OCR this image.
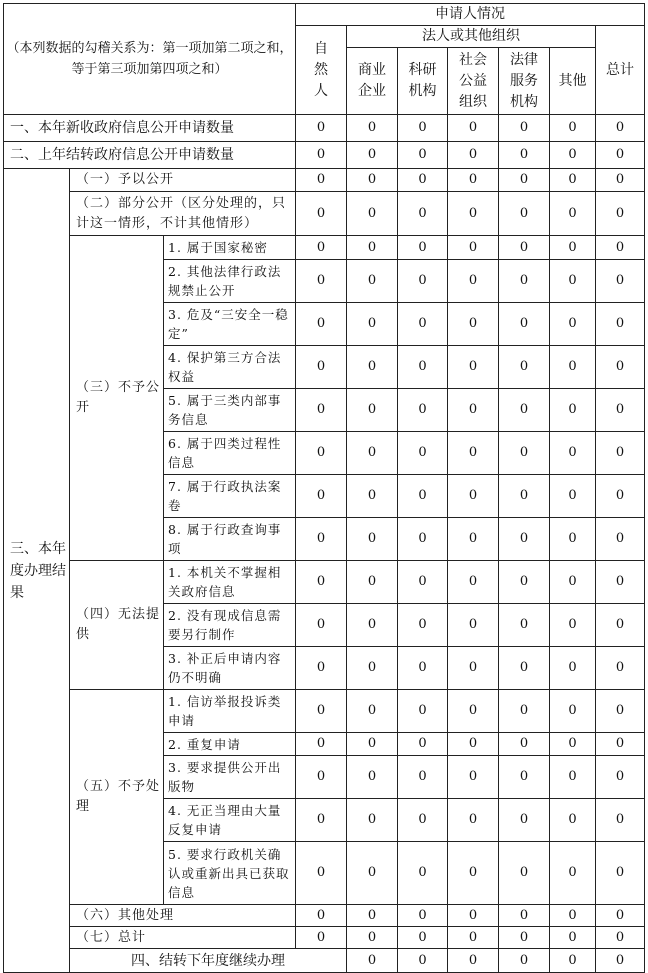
（本列数据的勾稽关系为：第一项加第二项之和，等于第三项加第四项之和）			申请人情况							
			自然人	法人或其他组织					总计	
				商业企业	科研机构	社会公益组织	法律服务机构	其他		
一、本年新收政府信息公开申请数量			0	0	0	0	0	0	0	
二、上年结转政府信息公开申请数量			0	0	0	0	0	0	0	
三、本年度办理结果	（一）予以公开		0	0	0	0	0	0	0	
	（二）部分公开（区分处理的，只计这一情形，不计其他情形）		0	0	0	0	0	0	0	
	（三）不予公开	1. 属于国家秘密	0	0	0	0	0	0	0	
		2. 其他法律行政法规禁止公开	0	0	0	0	0	0	0	
		3. 危及“三安全一稳定”	0	0	0	0	0	0	0	
		4. 保护第三方合法权益	0	0	0	0	0	0	0	
		5. 属于三类内部事务信息	0	0	0	0	0	0	0	
		6. 属于四类过程性信息	0	0	0	0	0	0	0	
		7. 属于行政执法案卷	0	0	0	0	0	0	0	
		8. 属于行政查询事项	0	0	0	0	0	0	0	
	（四）无法提供	1. 本机关不掌握相关政府信息	0	0	0	0	0	0	0	
		2. 没有现成信息需要另行制作	0	0	0	0	0	0	0	
		3. 补正后申请内容仍不明确	0	0	0	0	0	0	0	
	（五）不予处理	1. 信访举报投诉类申请	0	0	0	0	0	0	0	
		2. 重复申请	0	0	0	0	0	0	0	
		3. 要求提供公开出版物	0	0	0	0	0	0	0	
		4. 无正当理由大量反复申请	0	0	0	0	0	0	0	
		5. 要求行政机关确认或重新出具已获取信息	0	0	0	0	0	0	0	
	（六）其他处理		0	0	0	0	0	0	0	
	（七）总计		0	0	0	0	0	0	0	
	四、结转下年度继续办理			0	0	0	0	0	0	
